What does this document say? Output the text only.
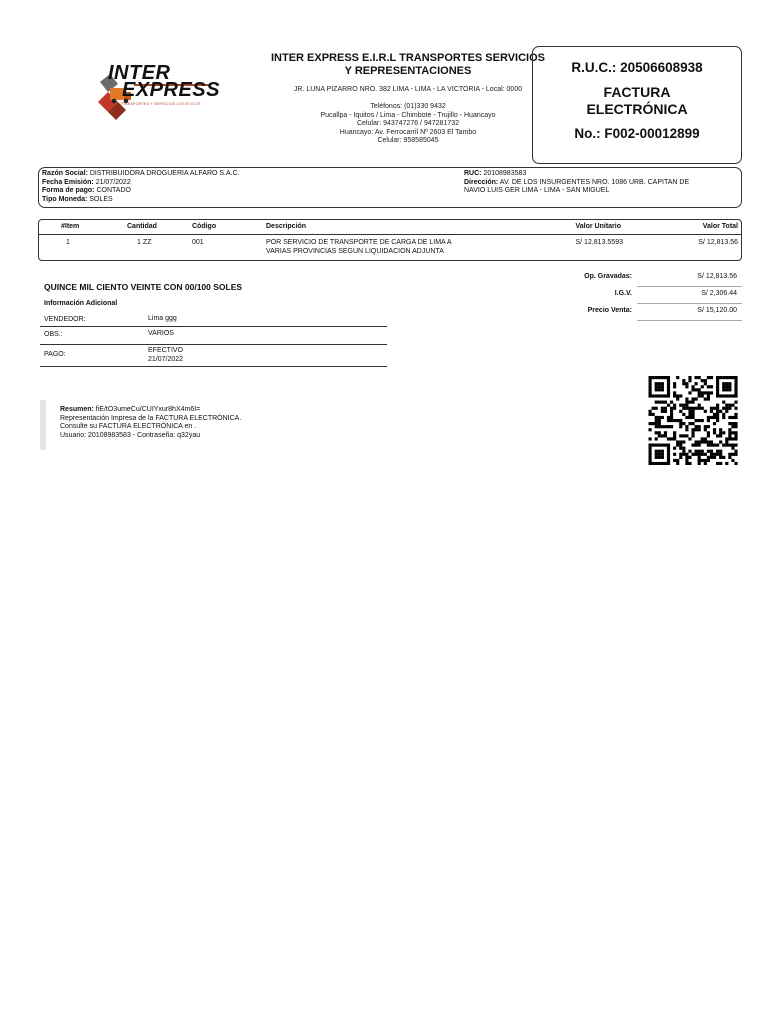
INTER
EXPRESS
TRANSPORTES Y SERVICIOS LOGISTICOS
INTER EXPRESS E.I.R.L TRANSPORTES SERVICIOS Y REPRESENTACIONES
JR. LUNA PIZARRO NRO. 382 LIMA - LIMA - LA VICTORIA - Local: 0000
Teléfonos: (01)330 9432
Pucallpa - Iquitos / Lima - Chimbote - Trujillo - Huancayo
Celular: 943747276 / 947281732
Huancayo: Av. Ferrocarril Nº 2603 El Tambo
Celular: 958585045
R.U.C.: 20506608938
FACTURA
ELECTRÓNICA
No.: F002-00012899
Razón Social: DISTRIBUIDORA DROGUERIA ALFARO S.A.C.
Fecha Emisión: 21/07/2022
Forma de pago: CONTADO
Tipo Moneda: SOLES
RUC: 20108983583
Dirección: AV. DE LOS INSURGENTES NRO. 1086 URB. CAPITAN DE
NAVIO LUIS GER LIMA - LIMA - SAN MIGUEL
#Item	Cantidad	Código	Descripción	Valor Unitario	Valor Total
1	1 ZZ	001	POR SERVICIO DE TRANSPORTE DE CARGA DE LIMA A
VARIAS PROVINCIAS SEGUN LIQUIDACION ADJUNTA
S/ 12,813.5593	S/ 12,813.56
QUINCE MIL CIENTO VEINTE CON 00/100 SOLES
Información Adicional
VENDEDOR:	Lima ggg
OBS.:	VARIOS
PAGO:
EFECTIVO
21/07/2022
Op. Gravadas:	S/ 12,813.56
I.G.V.	S/ 2,306.44
Precio Venta:	S/ 15,120.00
Resumen: fiE/tO3umeCu/CUIYxur8hX4m6I=
Representación Impresa de la FACTURA ELECTRÓNICA.
Consulte su FACTURA ELECTRÓNICA en .
Usuario: 20108983583 - Contraseña: q32yau
